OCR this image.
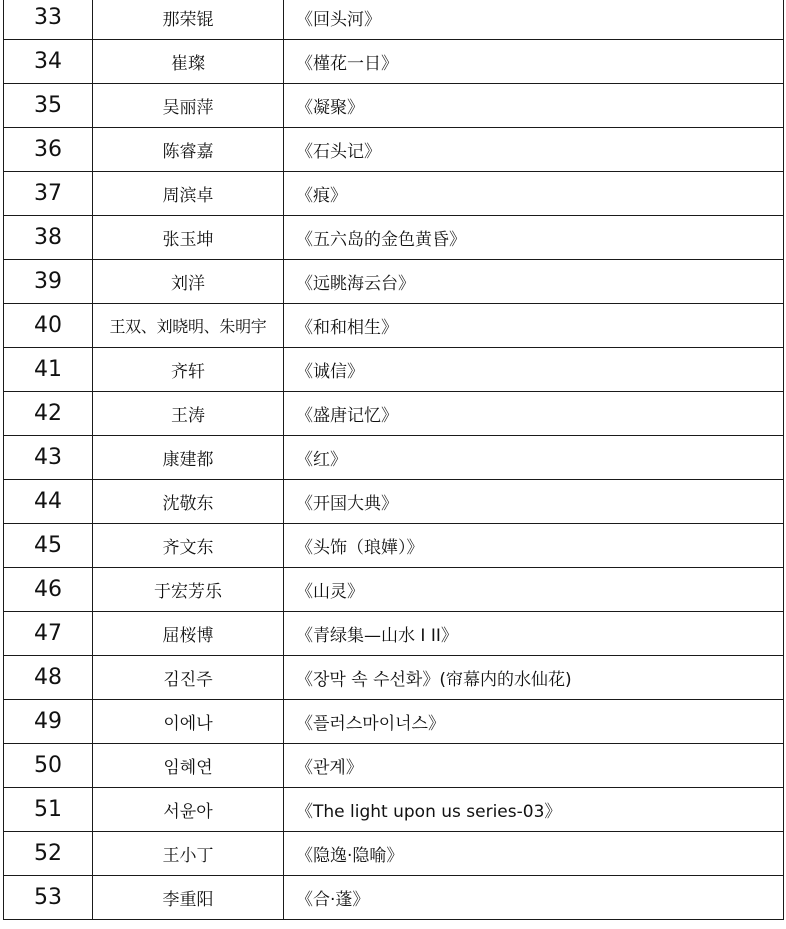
33	那荣锟	《回头河》
34	崔璨	《槿花一日》
35	吴丽萍	《凝聚》
36	陈睿嘉	《石头记》
37	周滨卓	《痕》
38	张玉坤	《五六岛的金色黄昏》
39	刘洋	《远眺海云台》
40	王双、刘晓明、朱明宇	《和和相生》
41	齐轩	《诚信》
42	王涛	《盛唐记忆》
43	康建都	《红》
44	沈敬东	《开国大典》
45	齐文东	《头饰（琅嬅）》
46	于宏芳乐	《山灵》
47	屈桜博	《青绿集—山水 I II》
48	김진주	《장막 속 수선화》(帘幕内的水仙花)
49	이에나	《플러스마이너스》
50	임혜연	《관계》
51	서윤아	《The light upon us series-03》
52	王小丁	《隐逸·隐喻》
53	李重阳	《合·蓬》
